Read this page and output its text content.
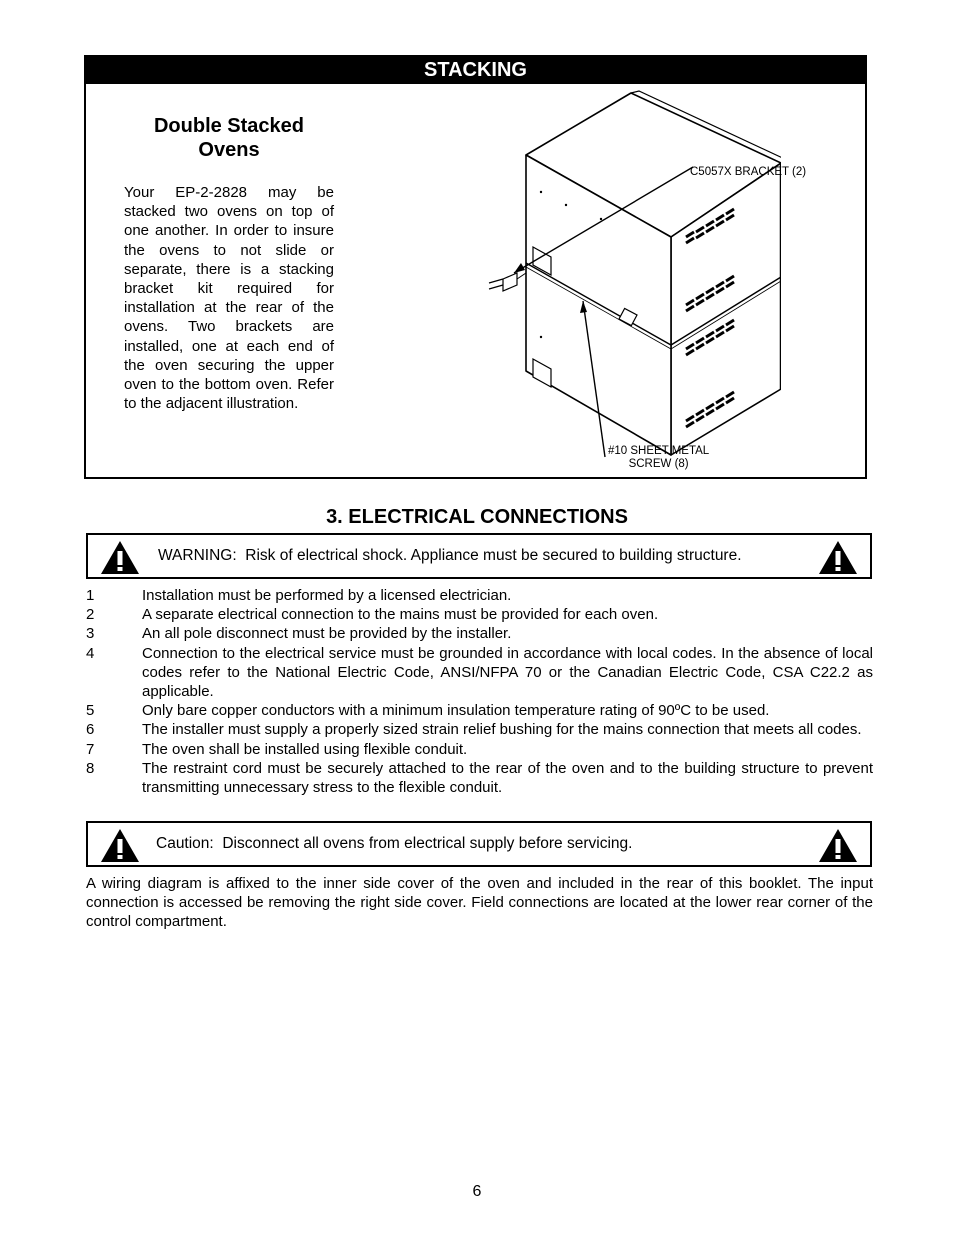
STACKING
Double Stacked
Ovens
Your EP-2-2828 may be stacked two ovens on top of one another. In order to insure the ovens to not slide or separate, there is a stacking bracket kit required for installation at the rear of the ovens. Two brackets are installed, one at each end of the oven securing the upper oven to the bottom oven. Refer to the adjacent illustration.
C5057X BRACKET (2)
#10 SHEET METAL
SCREW (8)
3. ELECTRICAL CONNECTIONS
WARNING: Risk of electrical shock. Appliance must be secured to building structure.
1	Installation must be performed by a licensed electrician.
2	A separate electrical connection to the mains must be provided for each oven.
3	An all pole disconnect must be provided by the installer.
4	Connection to the electrical service must be grounded in accordance with local codes. In the absence of local codes refer to the National Electric Code, ANSI/NFPA 70 or the Canadian Electric Code, CSA C22.2 as applicable.
5	Only bare copper conductors with a minimum insulation temperature rating of 90ºC to be used.
6	The installer must supply a properly sized strain relief bushing for the mains connection that meets all codes.
7	The oven shall be installed using flexible conduit.
8	The restraint cord must be securely attached to the rear of the oven and to the building structure to prevent transmitting unnecessary stress to the flexible conduit.
Caution: Disconnect all ovens from electrical supply before servicing.
A wiring diagram is affixed to the inner side cover of the oven and included in the rear of this booklet. The input connection is accessed be removing the right side cover. Field connections are located at the lower rear corner of the control compartment.
6
